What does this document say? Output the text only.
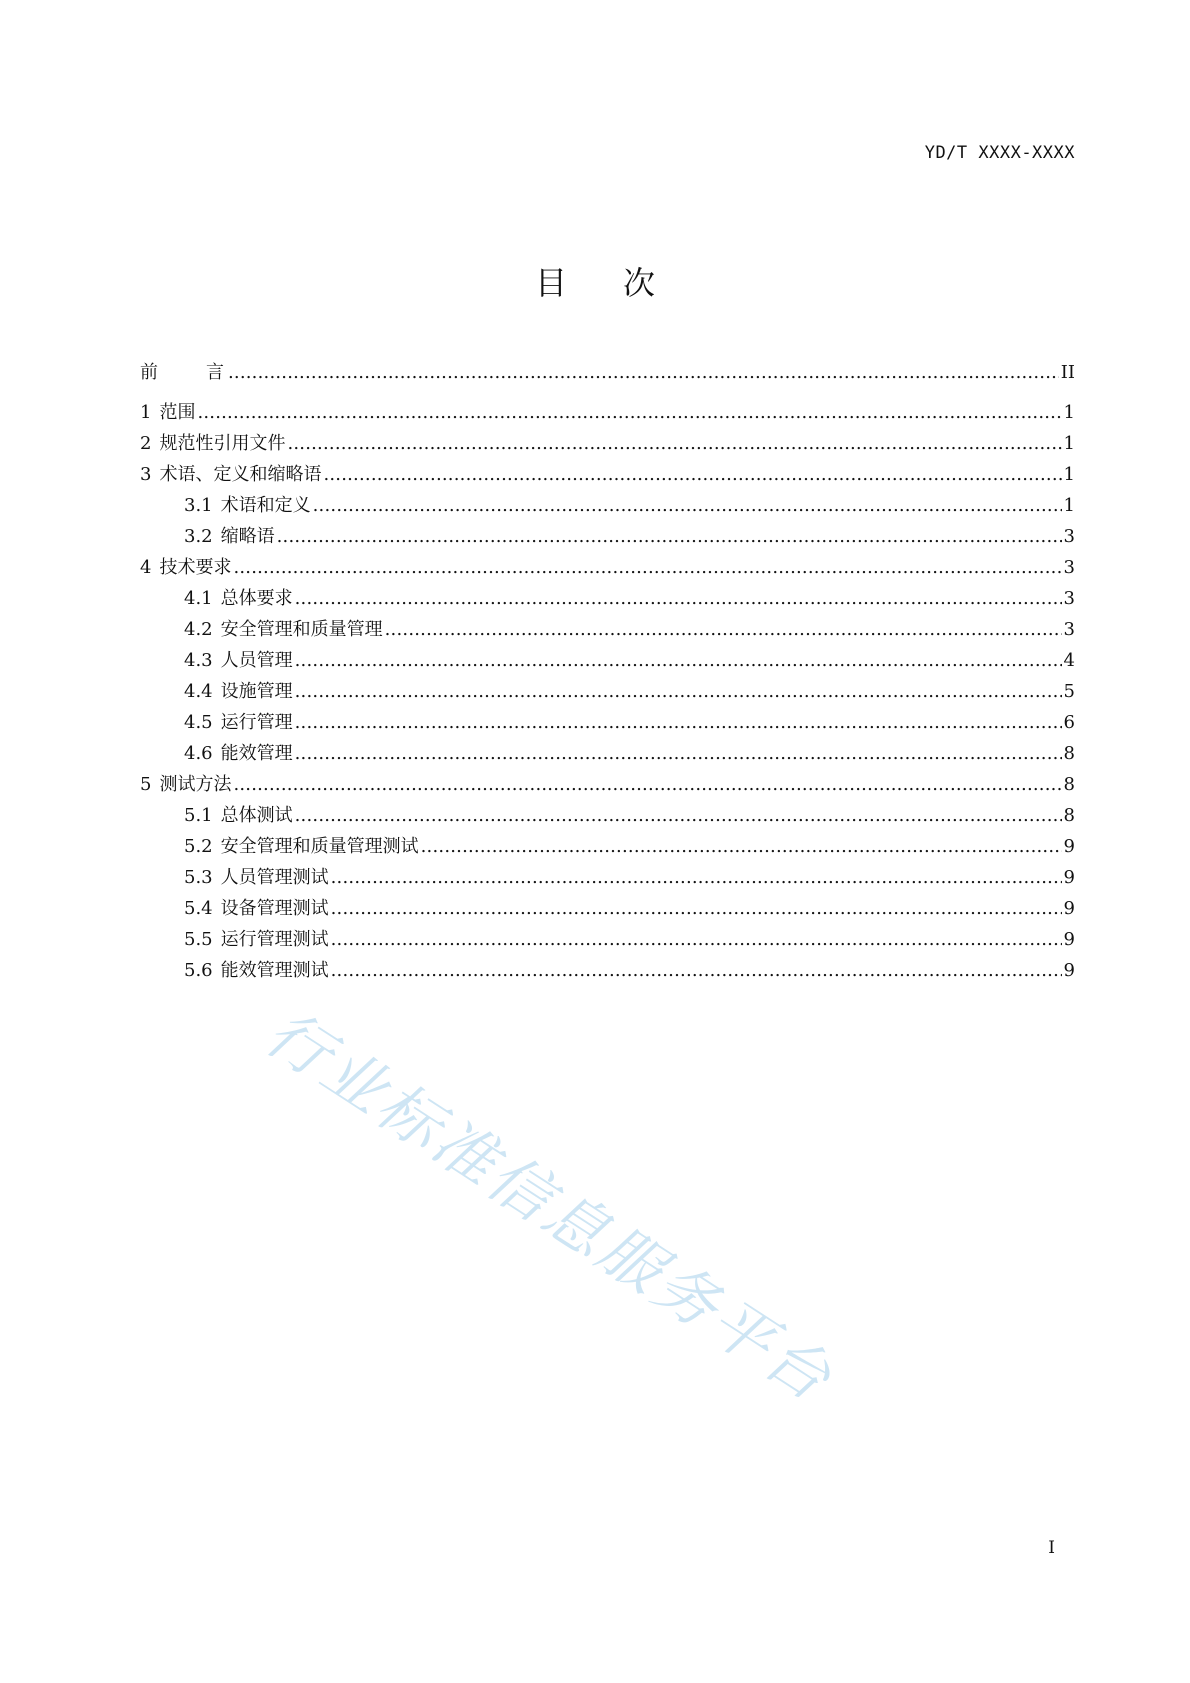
YD/T XXXX-XXXX
目次
前言 .....	II
1 范围 .....	1
2 规范性引用文件 .....	1
3 术语、定义和缩略语 .....	1
3.1 术语和定义 .....	1
3.2 缩略语 .....	3
4 技术要求 .....	3
4.1 总体要求 .....	3
4.2 安全管理和质量管理 .....	3
4.3 人员管理 .....	4
4.4 设施管理 .....	5
4.5 运行管理 .....	6
4.6 能效管理 .....	8
5 测试方法 .....	8
5.1 总体测试 .....	8
5.2 安全管理和质量管理测试 .....	9
5.3 人员管理测试 .....	9
5.4 设备管理测试 .....	9
5.5 运行管理测试 .....	9
5.6 能效管理测试 .....	9
行业标准信息服务平台
I
